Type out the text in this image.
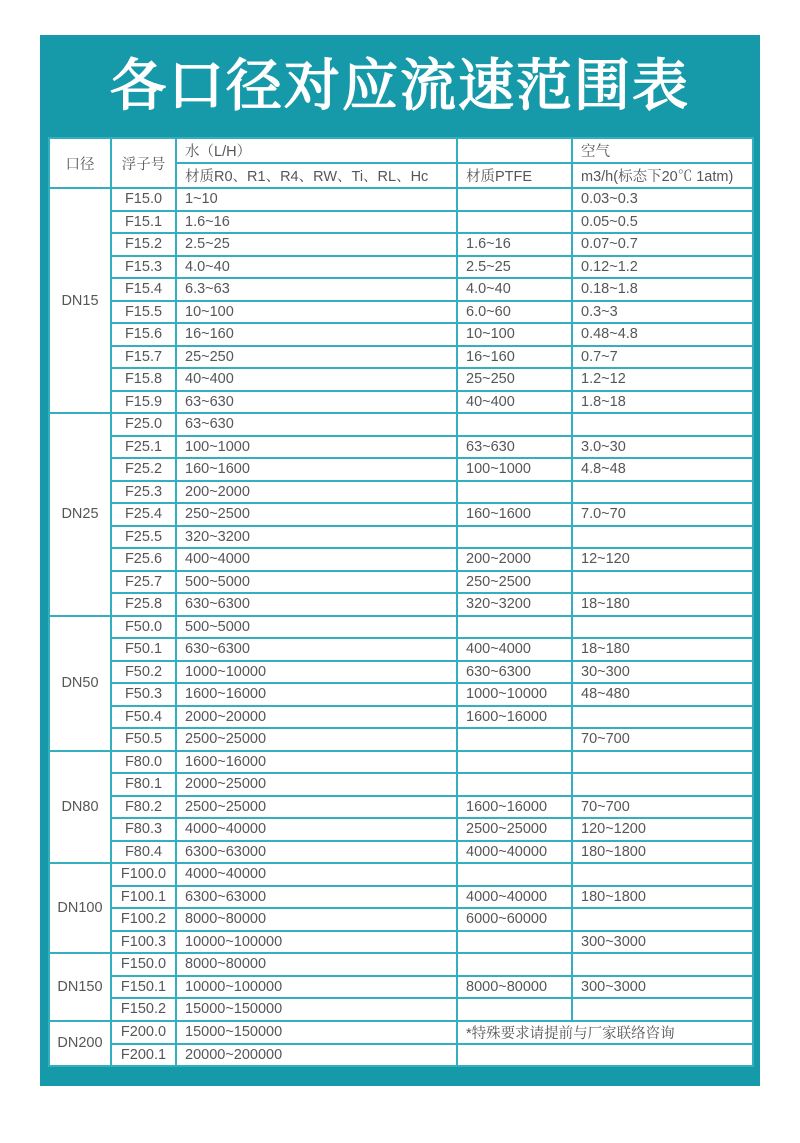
各口径对应流速范围表
口径	浮子号	水（L/H）		空气
		材质R0、R1、R4、RW、Ti、RL、Hc	材质PTFE	m3/h(标态下20℃ 1atm)
DN15	F15.0	1~10		0.03~0.3
	F15.1	1.6~16		0.05~0.5
	F15.2	2.5~25	1.6~16	0.07~0.7
	F15.3	4.0~40	2.5~25	0.12~1.2
	F15.4	6.3~63	4.0~40	0.18~1.8
	F15.5	10~100	6.0~60	0.3~3
	F15.6	16~160	10~100	0.48~4.8
	F15.7	25~250	16~160	0.7~7
	F15.8	40~400	25~250	1.2~12
	F15.9	63~630	40~400	1.8~18
DN25	F25.0	63~630		
	F25.1	100~1000	63~630	3.0~30
	F25.2	160~1600	100~1000	4.8~48
	F25.3	200~2000		
	F25.4	250~2500	160~1600	7.0~70
	F25.5	320~3200		
	F25.6	400~4000	200~2000	12~120
	F25.7	500~5000	250~2500	
	F25.8	630~6300	320~3200	18~180
DN50	F50.0	500~5000		
	F50.1	630~6300	400~4000	18~180
	F50.2	1000~10000	630~6300	30~300
	F50.3	1600~16000	1000~10000	48~480
	F50.4	2000~20000	1600~16000	
	F50.5	2500~25000		70~700
DN80	F80.0	1600~16000		
	F80.1	2000~25000		
	F80.2	2500~25000	1600~16000	70~700
	F80.3	4000~40000	2500~25000	120~1200
	F80.4	6300~63000	4000~40000	180~1800
DN100	F100.0	4000~40000		
	F100.1	6300~63000	4000~40000	180~1800
	F100.2	8000~80000	6000~60000	
	F100.3	10000~100000		300~3000
DN150	F150.0	8000~80000		
	F150.1	10000~100000	8000~80000	300~3000
	F150.2	15000~150000		
DN200	F200.0	15000~150000	*特殊要求请提前与厂家联络咨询	
	F200.1	20000~200000		
